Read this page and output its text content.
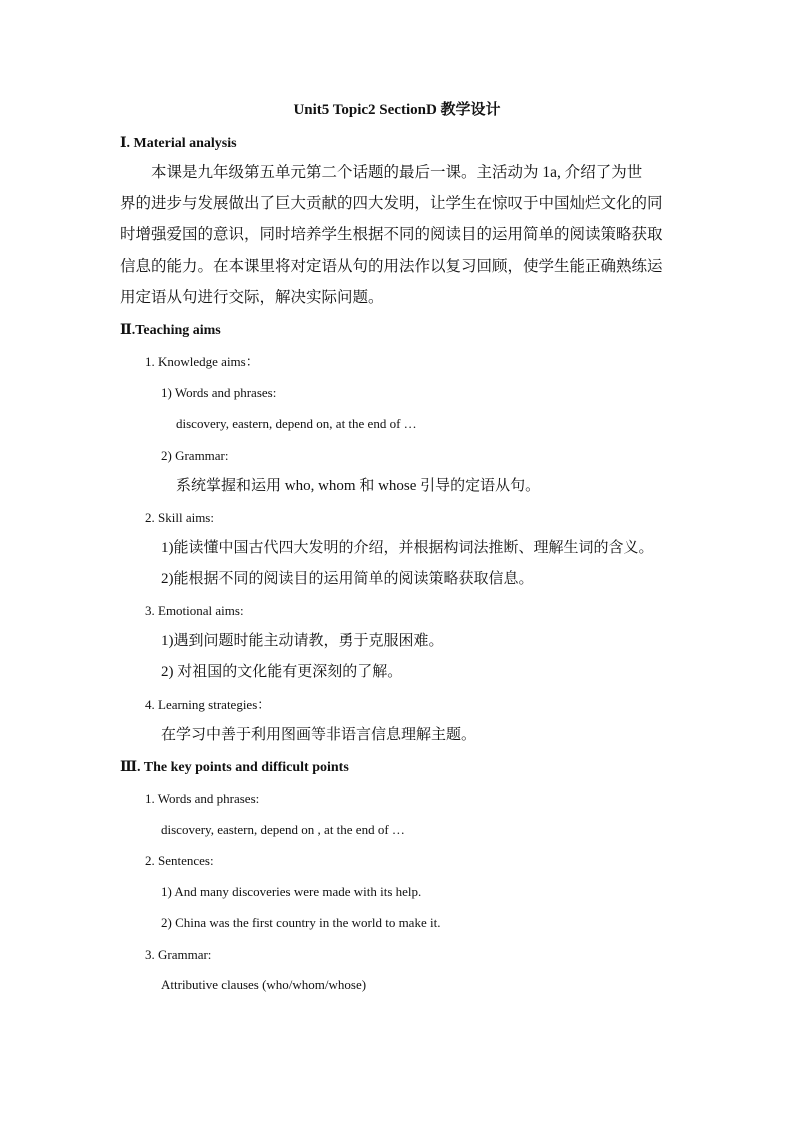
Unit5 Topic2 SectionD 教学设计
Ⅰ. Material analysis
　　本课是九年级第五单元第二个话题的最后一课。主活动为 1a, 介绍了为世
界的进步与发展做出了巨大贡献的四大发明，让学生在惊叹于中国灿烂文化的同
时增强爱国的意识，同时培养学生根据不同的阅读目的运用简单的阅读策略获取
信息的能力。在本课里将对定语从句的用法作以复习回顾，使学生能正确熟练运
用定语从句进行交际，解决实际问题。
Ⅱ.Teaching aims
1. Knowledge aims：
1) Words and phrases:
discovery, eastern, depend on, at the end of …
2) Grammar:
系统掌握和运用 who, whom 和 whose 引导的定语从句。
2. Skill aims:
1)能读懂中国古代四大发明的介绍，并根据构词法推断、理解生词的含义。
2)能根据不同的阅读目的运用简单的阅读策略获取信息。
3. Emotional aims:
1)遇到问题时能主动请教，勇于克服困难。
2) 对祖国的文化能有更深刻的了解。
4. Learning strategies：
在学习中善于利用图画等非语言信息理解主题。
Ⅲ. The key points and difficult points
1. Words and phrases:
discovery, eastern, depend on , at the end of …
2. Sentences:
1) And many discoveries were made with its help.
2) China was the first country in the world to make it.
3. Grammar:
Attributive clauses (who/whom/whose)
